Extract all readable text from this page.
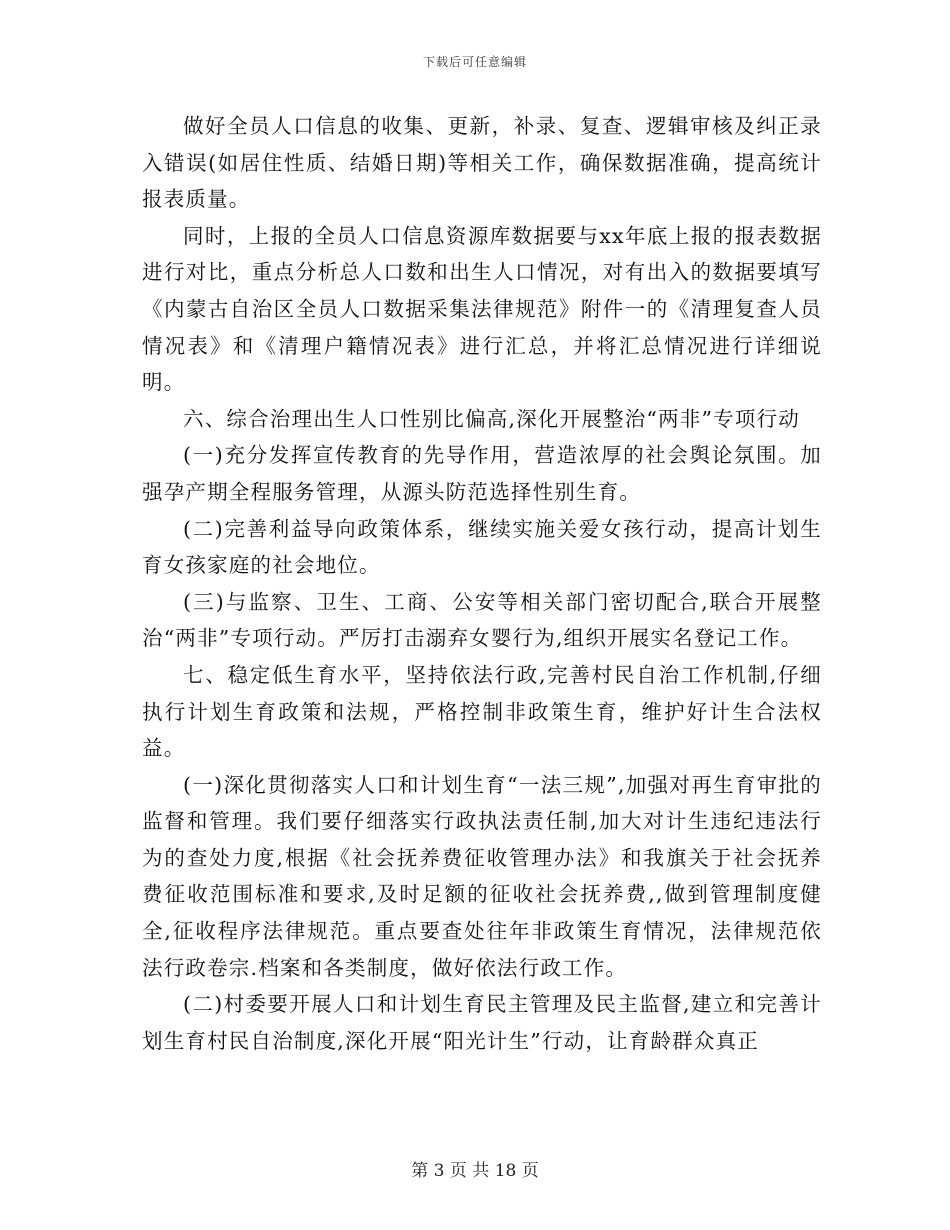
下载后可任意编辑

做好全员人口信息的收集、更新，补录、复查、逻辑审核及纠正录入错误(如居住性质、结婚日期)等相关工作，确保数据准确，提高统计报表质量。

同时，上报的全员人口信息资源库数据要与xx年底上报的报表数据进行对比，重点分析总人口数和出生人口情况，对有出入的数据要填写《内蒙古自治区全员人口数据采集法律规范》附件一的《清理复查人员情况表》和《清理户籍情况表》进行汇总，并将汇总情况进行详细说明。

六、综合治理出生人口性别比偏高,深化开展整治“两非”专项行动

(一)充分发挥宣传教育的先导作用，营造浓厚的社会舆论氛围。加强孕产期全程服务管理，从源头防范选择性别生育。

(二)完善利益导向政策体系，继续实施关爱女孩行动，提高计划生育女孩家庭的社会地位。

(三)与监察、卫生、工商、公安等相关部门密切配合,联合开展整治“两非”专项行动。严厉打击溺弃女婴行为,组织开展实名登记工作。

七、稳定低生育水平，坚持依法行政,完善村民自治工作机制,仔细执行计划生育政策和法规，严格控制非政策生育，维护好计生合法权益。

(一)深化贯彻落实人口和计划生育“一法三规”,加强对再生育审批的监督和管理。我们要仔细落实行政执法责任制,加大对计生违纪违法行为的查处力度,根据《社会抚养费征收管理办法》和我旗关于社会抚养费征收范围标准和要求,及时足额的征收社会抚养费,,做到管理制度健全,征收程序法律规范。重点要查处往年非政策生育情况，法律规范依法行政卷宗.档案和各类制度，做好依法行政工作。

(二)村委要开展人口和计划生育民主管理及民主监督,建立和完善计划生育村民自治制度,深化开展“阳光计生”行动，让育龄群众真正

第 3 页 共 18 页
